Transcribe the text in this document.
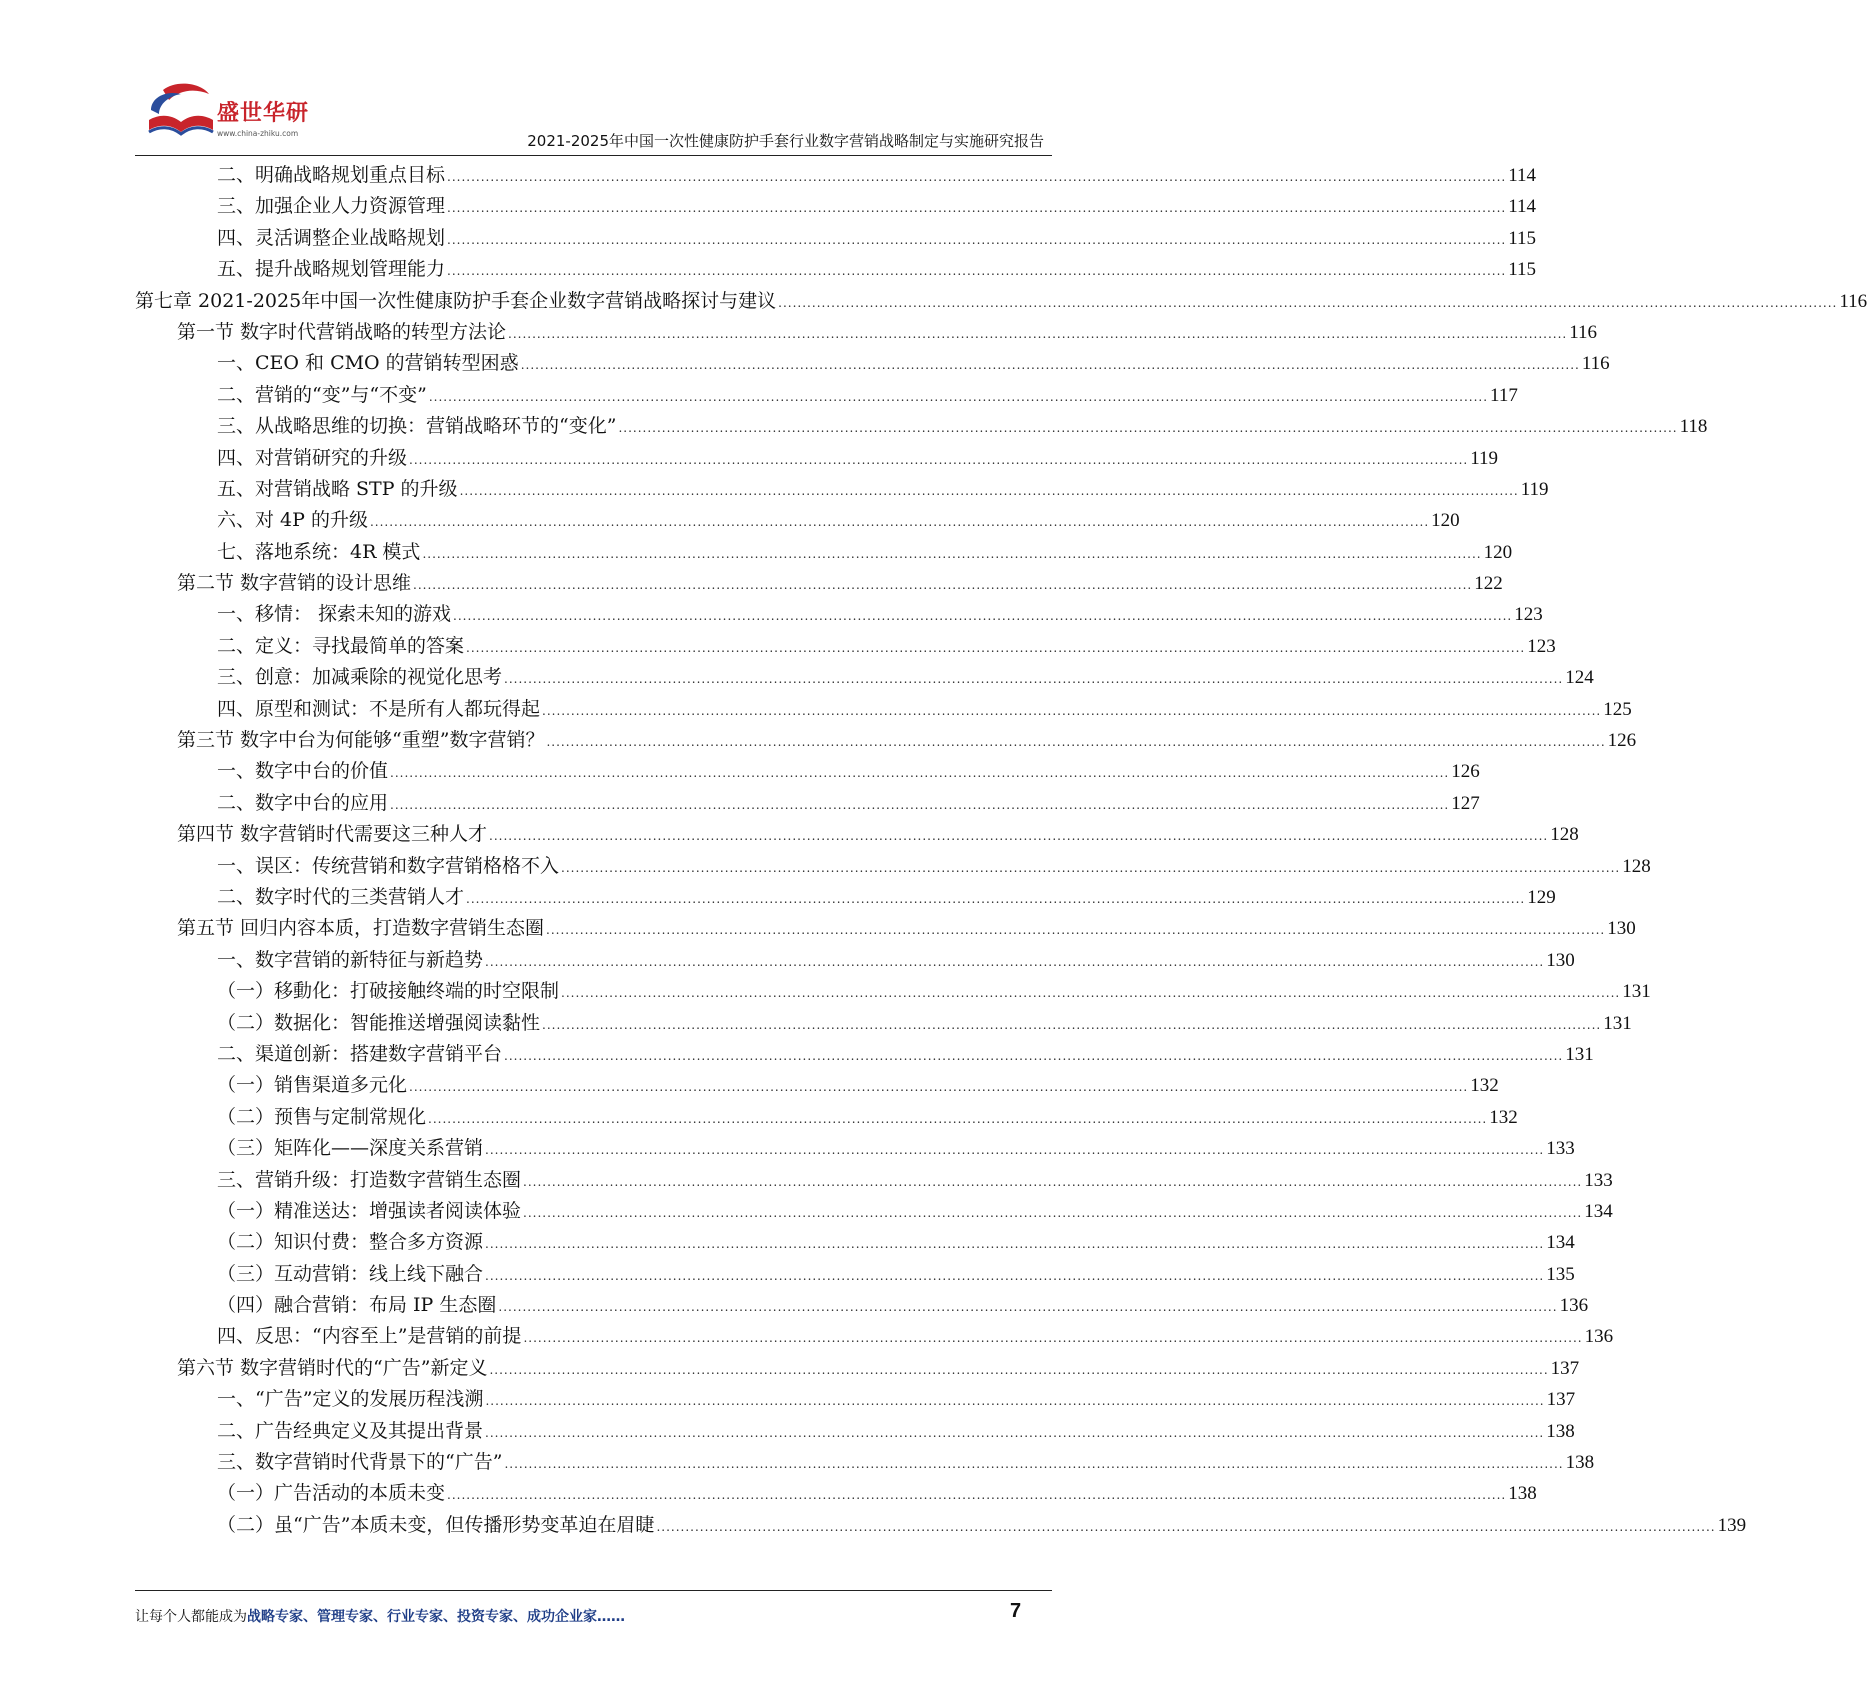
盛世华研
www.china-zhiku.com	2021-2025年中国一次性健康防护手套行业数字营销战略制定与实施研究报告
二、明确战略规划重点目标 ............................................................................................................................................................................................................................ 114
三、加强企业人力资源管理 ............................................................................................................................................................................................................................ 114
四、灵活调整企业战略规划 ............................................................................................................................................................................................................................ 115
五、提升战略规划管理能力 ............................................................................................................................................................................................................................ 115
第七章 2021-2025年中国一次性健康防护手套企业数字营销战略探讨与建议 ............................................................................................................................................................................................................................ 116
第一节 数字时代营销战略的转型方法论 ............................................................................................................................................................................................................................ 116
一、CEO 和 CMO 的营销转型困惑 ............................................................................................................................................................................................................................ 116
二、营销的“变”与“不变” ............................................................................................................................................................................................................................ 117
三、从战略思维的切换：营销战略环节的“变化” ............................................................................................................................................................................................................................ 118
四、对营销研究的升级 ............................................................................................................................................................................................................................ 119
五、对营销战略 STP 的升级 ............................................................................................................................................................................................................................ 119
六、对 4P 的升级 ............................................................................................................................................................................................................................ 120
七、落地系统：4R 模式 ............................................................................................................................................................................................................................ 120
第二节 数字营销的设计思维 ............................................................................................................................................................................................................................ 122
一、移情： 探索未知的游戏 ............................................................................................................................................................................................................................ 123
二、定义：寻找最简单的答案 ............................................................................................................................................................................................................................ 123
三、创意：加减乘除的视觉化思考 ............................................................................................................................................................................................................................ 124
四、原型和测试：不是所有人都玩得起 ............................................................................................................................................................................................................................ 125
第三节 数字中台为何能够“重塑”数字营销？ ............................................................................................................................................................................................................................ 126
一、数字中台的价值 ............................................................................................................................................................................................................................ 126
二、数字中台的应用 ............................................................................................................................................................................................................................ 127
第四节 数字营销时代需要这三种人才 ............................................................................................................................................................................................................................ 128
一、误区：传统营销和数字营销格格不入 ............................................................................................................................................................................................................................ 128
二、数字时代的三类营销人才 ............................................................................................................................................................................................................................ 129
第五节 回归内容本质，打造数字营销生态圈 ............................................................................................................................................................................................................................ 130
一、数字营销的新特征与新趋势 ............................................................................................................................................................................................................................ 130
（一）移動化：打破接触终端的时空限制 ............................................................................................................................................................................................................................ 131
（二）数据化：智能推送增强阅读黏性 ............................................................................................................................................................................................................................ 131
二、渠道创新：搭建数字营销平台 ............................................................................................................................................................................................................................ 131
（一）销售渠道多元化 ............................................................................................................................................................................................................................ 132
（二）预售与定制常规化 ............................................................................................................................................................................................................................ 132
（三）矩阵化——深度关系营销 ............................................................................................................................................................................................................................ 133
三、营销升级：打造数字营销生态圈 ............................................................................................................................................................................................................................ 133
（一）精准送达：增强读者阅读体验 ............................................................................................................................................................................................................................ 134
（二）知识付费：整合多方资源 ............................................................................................................................................................................................................................ 134
（三）互动营销：线上线下融合 ............................................................................................................................................................................................................................ 135
（四）融合营销：布局 IP 生态圈 ............................................................................................................................................................................................................................ 136
四、反思：“内容至上”是营销的前提 ............................................................................................................................................................................................................................ 136
第六节 数字营销时代的“广告”新定义 ............................................................................................................................................................................................................................ 137
一、“广告”定义的发展历程浅溯 ............................................................................................................................................................................................................................ 137
二、广告经典定义及其提出背景 ............................................................................................................................................................................................................................ 138
三、数字营销时代背景下的“广告” ............................................................................................................................................................................................................................ 138
（一）广告活动的本质未变 ............................................................................................................................................................................................................................ 138
（二）虽“广告”本质未变，但传播形势变革迫在眉睫 ............................................................................................................................................................................................................................ 139
让每个人都能成为战略专家、管理专家、行业专家、投资专家、成功企业家……	7
